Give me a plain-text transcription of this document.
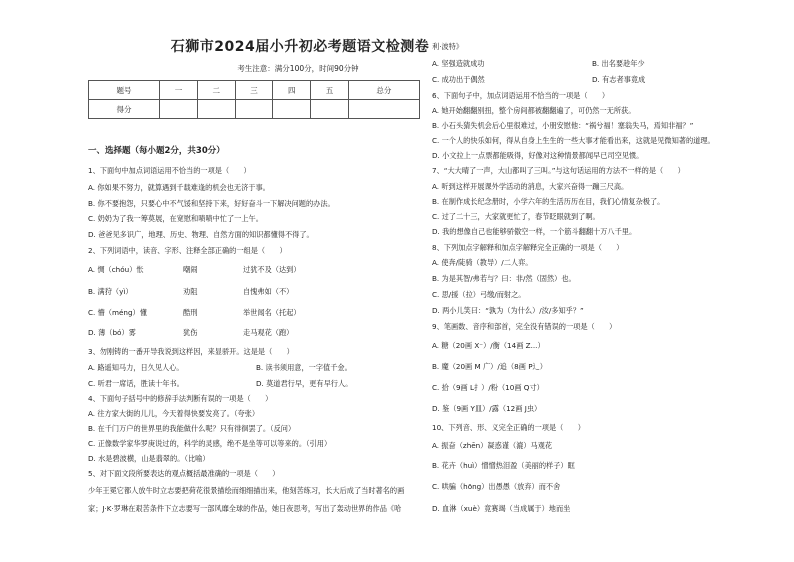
石狮市2024届小升初必考题语文检测卷
考生注意：满分100分，时间90分钟
题号	一	二	三	四	五	总分
得分						
一、选择题（每小题2分，共30分）
1、下面句中加点词语运用不恰当的一项是（　　）
A. 你如果不努力，就算遇到千载难逢的机会也无济于事。
B. 你不要抱怨，只要心中不气馁和坚持下来，好好奋斗一下解决问题的办法。
C. 奶奶为了我一筹莫展，在宽慰和啧啧中忙了一上午。
D. 爸爸见多识广，地理、历史、物理、自然方面的知识都懂得不得了。
2、下列词语中，读音、字形、注释全部正确的一组是（　　）
A. 惆（chóu）怅	嘲闹	过犹不及（达到）
B. 满狩（yì）	劝阻	自愧弗如（不）
C. 懵（méng）懂	酷刑	举世闻名（托起）
D. 薄（bó）雾	犹伤	走马观花（跑）
3、勿刚铸的一番开导我说到这样因，来显骄开。这是是（　　）
A. 路遥知马力，日久见人心。	B. 读书须用意，一字值千金。
C. 听君一席话，胜读十年书。	D. 莫道君行早，更有早行人。
4、下面句子括号中的修辞手法判断有误的一项是（　　）
A. 往方家大街的儿儿，今天着得快要发亮了。（夸张）
B. 在千门万户的世界里的我能做什么呢？只有徘徊罢了。（反问）
C. 正像数学家华罗庚说过的，科学的灵感，绝不是坐等可以等来的。（引用）
D. 水是碧波横，山是翡翠的。（比喻）
5、对下面文段所要表达的观点概括最准确的一项是（　　）
少年王冕它都人放牛时立志要把荷花很景描绘而细细描出来，他刻苦练习，长大后成了当时著名的画
家；J·K·罗琳在艰苦条件下立志要写一部风靡全球的作品，她日夜思考，写出了轰动世界的作品《哈
利·波特》
A. 坚强造就成功	B. 出名要趁年少
C. 成功出于偶然	D. 有志者事竟成
6、下面句子中，加点词语运用不恰当的一项是（　　）
A. 她开始翻翻别扭，整个房间都被翻翻遍了，可仍然一无所获。
B. 小石头猜失机会后心里很难过，小朋安慰他：“祸兮福！塞翁失马，焉知非福？”
C. 一个人的快乐如何，得从自身上生生的一些大事才能看出来，这就是见微知著的道理。
D. 小文拉上一点票都能吸得，好像对这种情景都闻早已司空见惯。
7、“大大晴了一声，大山都叫了三叫。”与这句话运用的方法不一样的是（　　）
A. 听到这样开展课外学活动的消息，大家兴奋得一蹦三尺高。
B. 在制作成长纪念册时，小学六年的生活历历在目，我们心情复杂极了。
C. 过了二十三，大家就更忙了，春节眨眼就到了啊。
D. 我的想像自己也能够骄傲空一样，一个筋斗翻翻十万八千里。
8、下列加点字解释和加点字解释完全正确的一项是（　　）
A. 使奔/陡骑（教导）/二人弈。
B. 为是其智/弗若与？曰：非/然（固然）也。
C. 思/援（拉）弓缴/而射之。
D. 两小儿笑曰：“孰为（为什么）/汝/多知乎？”
9、笔画数、音序和部首，完全没有错误的一项是（　　）
A. 糖（20画 X⁻）/衡（14画 Z...）
B. 魔（20画 M 广）/追（8画 P辶）
C. 拾（9画 L扌）/粉（10画 Q寸）
D. 鉴（9画 Y皿）/露（12画 J虫）
10、下列音、形、义完全正确的一项是（　　）
A. 振奋（zhēn）凝惑谨（漉）马观花
B. 花卉（huì）憎憎热泪盈（美丽的样子）眶
C. 哄骗（hōng）出愚愚（放弃）而不舍
D. 血淋（xuè）竟赛竭（当成属于）地而坐
